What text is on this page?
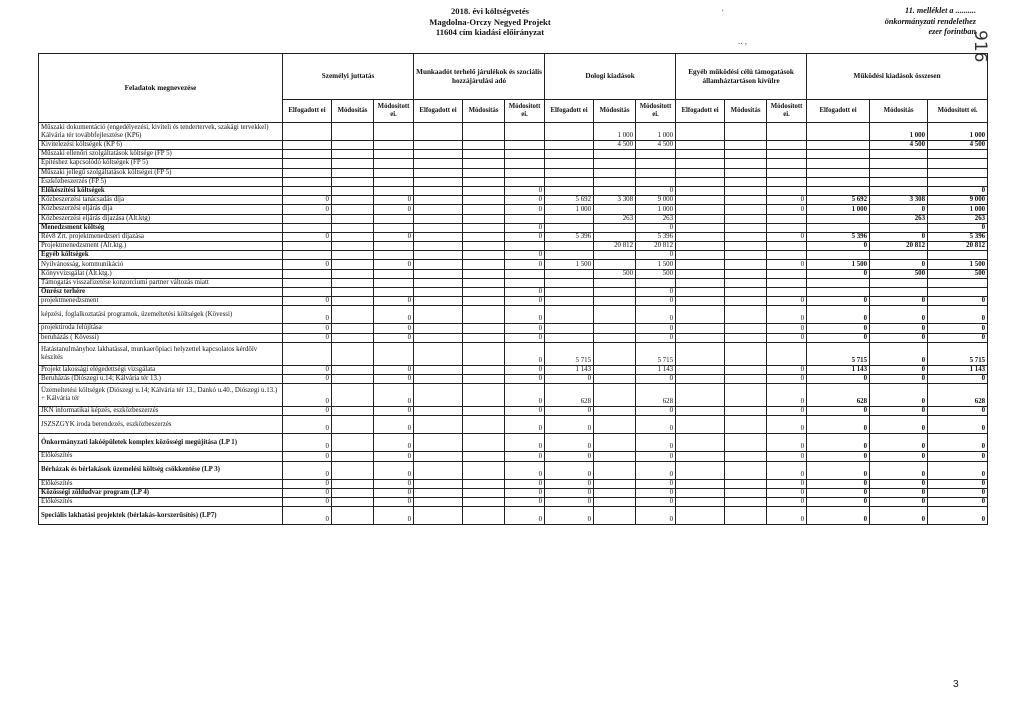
2018. évi költségvetés
Magdolna-Orczy Negyed Projekt
11604 cím kiadási előirányzat
11. melléklet a ..........
önkormányzati rendelethez
ezer forintban
'
.. ,	916
Feladatok megnevezése	Személyi juttatás			Munkaadót terhelő járulékok és szociális hozzájárulási adó			Dologi kiadások			Egyéb működési célú támogatások államháztartáson kívülre			Működési kiadások összesen		
	Elfogadott ei	Módosítás	Módosított ei.	Elfogadott ei	Módosítás	Módosított ei.	Elfogadott ei	Módosítás	Módosított ei.	Elfogadott ei	Módosítás	Módosított ei.	Elfogadott ei	Módosítás	Módosított ei.
Műszaki dokumentáció (engedélyezési, kiviteli és tendertervek, szakági tervekkel) Kálvária tér továbbfejlesztése (KP6)								1 000	1 000					1 000	1 000
Kivitelezési költségek (KP 6)								4 500	4 500					4 500	4 500
Műszaki ellenőri szolgáltatások költsége (FP 5)															
Építéshez kapcsolódó költségek (FP 5)															
Műszaki jellegű szolgáltatások költségei (FP 5)															
Eszközbeszerzés (FP 5)															
Előkészítési költségek						0			0						0
Közbeszerzési tanácsadás díja	0		0			0	5 692	3 308	9 000			0	5 692	3 308	9 000
Közbeszerzési eljárás díja	0		0			0	1 000		1 000			0	1 000	0	1 000
Közbeszerzési eljárás díjazása (Ált.ktg)								263	263					263	263
Menedzsment költség						0			0						0
Rév8 Zrt. projektmenedzseri díjazása	0		0			0	5 396		5 396			0	5 396	0	5 396
Projektmenedzsment (Ált.ktg.)								20 812	20 812				0	20 812	20 812
Egyéb költségek						0			0						
Nyilvánosság, kommunikáció	0		0			0	1 500		1 500			0	1 500	0	1 500
Könyvvizsgálat (Ált.ktg.)								500	500				0	500	500
Támogatás visszafizetése konzorciumi partner változás miatt															
Önrész terhére						0			0						
projektmenedzsment	0		0			0			0			0	0	0	0
képzési, foglalkoztatási programok, üzemeltetési költségek (Kövessi)	0		0			0			0			0	0	0	0
projektiroda felújítása	0		0			0			0			0	0	0	0
beruházás ( Kövessi)	0		0			0			0			0	0	0	0
Hatástanulmányhoz lakhatással, munkaerőpiaci helyzettel kapcsolatos kérdőív készítés						0	5 715		5 715				5 715	0	5 715
Projekt lakossági elégedettségi vizsgálata	0		0			0	1 143		1 143			0	1 143	0	1 143
Beruházás (Diószegi u.14; Kálvária tér 13.)	0		0			0	0		0			0	0	0	0
Üzemeltetési költségek (Diószegi u.14; Kálvária tér 13., Dankó u.40., Diószegi u.13.) + Kálvária tér	0		0			0	628		628			0	628	0	628
JKN informatikai képzés, eszközbeszerzés	0		0			0	0		0			0	0	0	0
JSZSZGYK iroda berendezés, eszközbeszerzés	0		0			0	0		0			0	0	0	0
Önkormányzati lakóépületek komplex közösségi megújítása (LP 1)	0		0			0	0		0			0	0	0	0
Előkészítés	0		0			0	0		0			0	0	0	0
Bérházak és bérlakások üzemelési költség csökkentése (LP 3)	0		0			0	0		0			0	0	0	0
Előkészítés	0		0			0	0		0			0	0	0	0
Közösségi zöldudvar program (LP 4)	0		0			0	0		0			0	0	0	0
Előkészítés	0		0			0	0		0			0	0	0	0
Speciális lakhatási projektek (bérlakás-korszerűsítés) (LP7)	0		0			0	0		0			0	0	0	0
3
